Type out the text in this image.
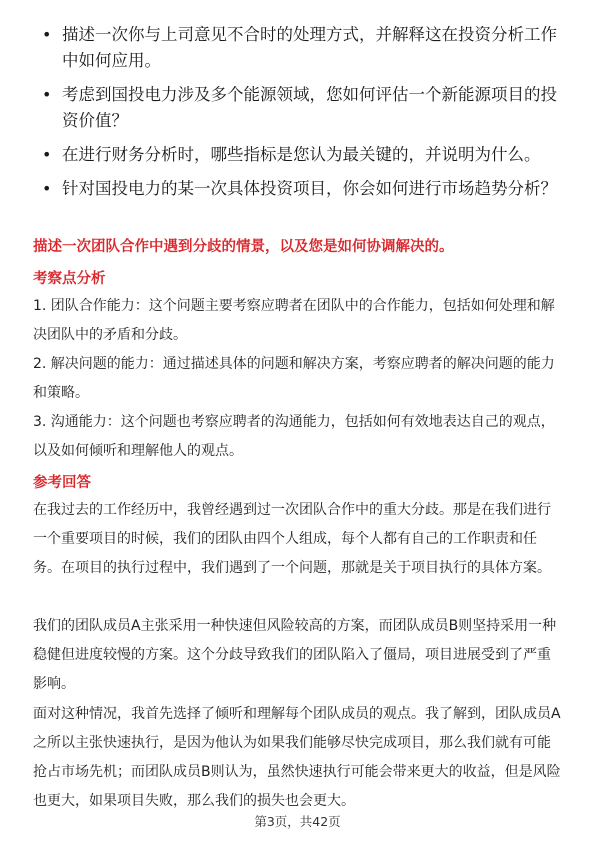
• 描述一次你与上司意见不合时的处理方式，并解释这在投资分析工作中如何应用。
• 考虑到国投电力涉及多个能源领域，您如何评估一个新能源项目的投资价值？
• 在进行财务分析时，哪些指标是您认为最关键的，并说明为什么。
• 针对国投电力的某一次具体投资项目，你会如何进行市场趋势分析？
描述一次团队合作中遇到分歧的情景，以及您是如何协调解决的。
考察点分析

1. 团队合作能力：这个问题主要考察应聘者在团队中的合作能力，包括如何处理和解决团队中的矛盾和分歧。

2. 解决问题的能力：通过描述具体的问题和解决方案，考察应聘者的解决问题的能力和策略。

3. 沟通能力：这个问题也考察应聘者的沟通能力，包括如何有效地表达自己的观点，以及如何倾听和理解他人的观点。

参考回答

在我过去的工作经历中，我曾经遇到过一次团队合作中的重大分歧。那是在我们进行一个重要项目的时候，我们的团队由四个人组成，每个人都有自己的工作职责和任务。在项目的执行过程中，我们遇到了一个问题，那就是关于项目执行的具体方案。

我们的团队成员A主张采用一种快速但风险较高的方案，而团队成员B则坚持采用一种稳健但进度较慢的方案。这个分歧导致我们的团队陷入了僵局，项目进展受到了严重影响。

面对这种情况，我首先选择了倾听和理解每个团队成员的观点。我了解到，团队成员A之所以主张快速执行，是因为他认为如果我们能够尽快完成项目，那么我们就有可能抢占市场先机；而团队成员B则认为，虽然快速执行可能会带来更大的收益，但是风险也更大，如果项目失败，那么我们的损失也会更大。

第3页，共42页
